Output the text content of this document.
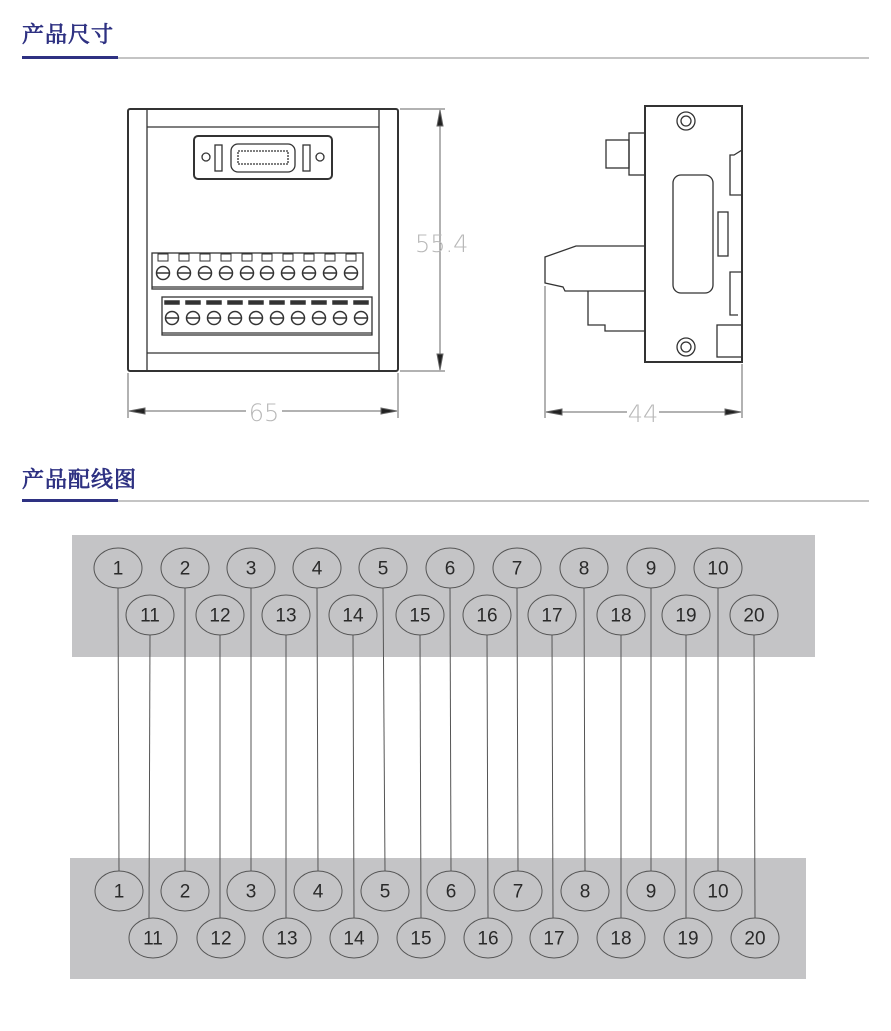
产品尺寸
55.4
65	44
产品配线图
1	2	3	4	5	6	7	8	9	10
11	12 13 14 15 16 17	18 19 20
1	2	3	4	5	6	7	8	9	10
11	12 13 14 15 16 17 18 19 20
